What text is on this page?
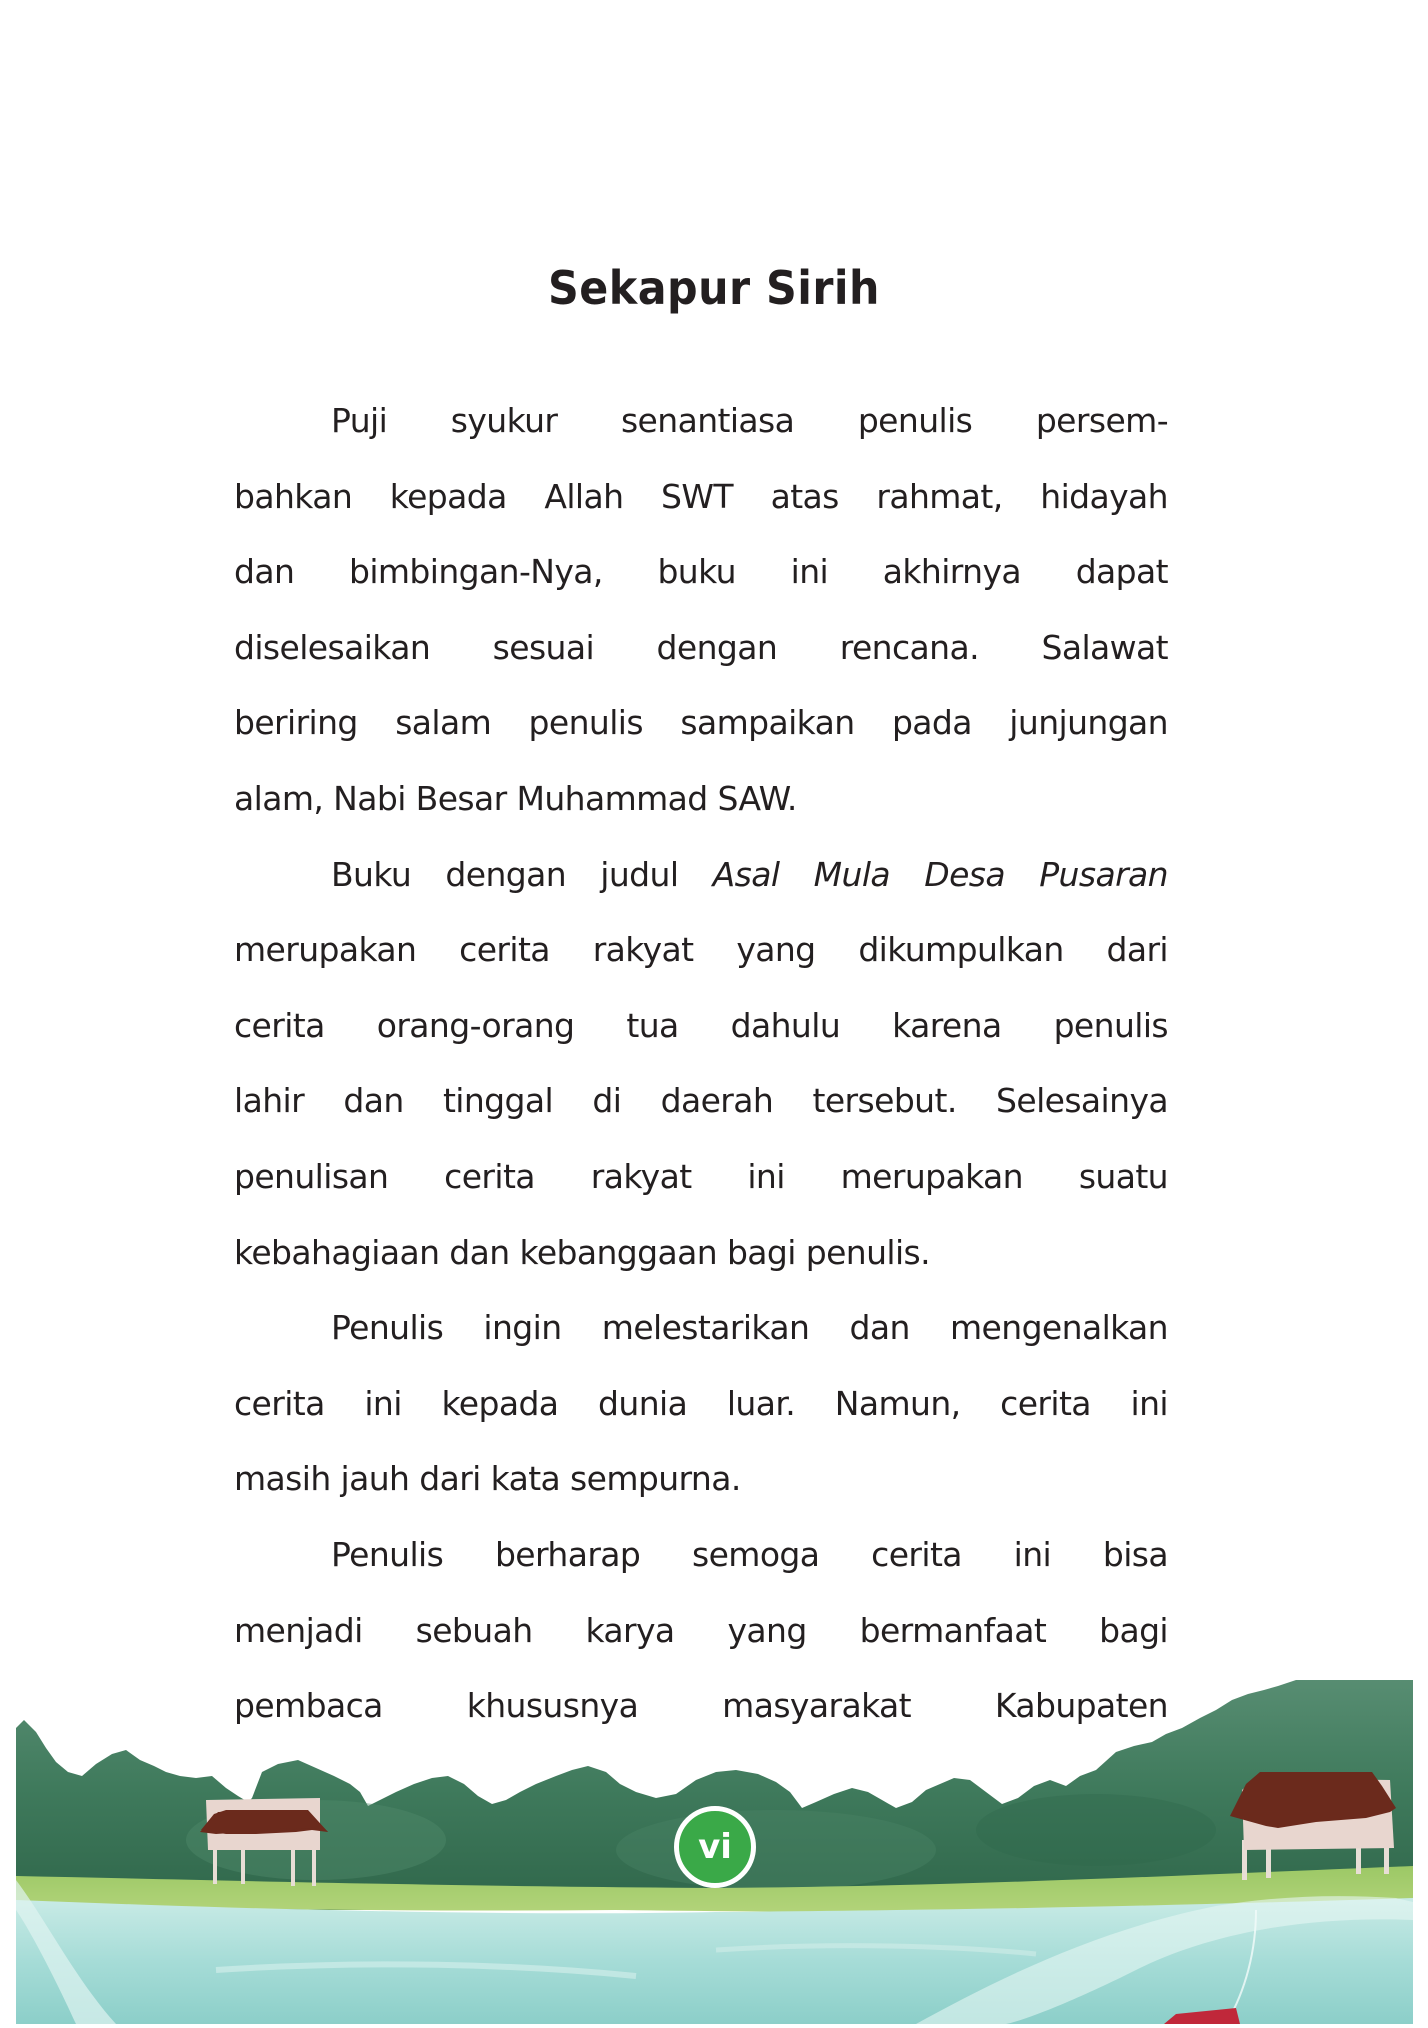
Sekapur Sirih
Puji syukur senantiasa penulis persem-
bahkan kepada Allah SWT atas rahmat, hidayah
dan bimbingan-Nya, buku ini akhirnya dapat
diselesaikan sesuai dengan rencana. Salawat
beriring salam penulis sampaikan pada junjungan
alam, Nabi Besar Muhammad SAW.
Buku dengan judul Asal Mula Desa Pusaran
merupakan cerita rakyat yang dikumpulkan dari
cerita orang-orang tua dahulu karena penulis
lahir dan tinggal di daerah tersebut. Selesainya
penulisan cerita rakyat ini merupakan suatu
kebahagiaan dan kebanggaan bagi penulis.
Penulis ingin melestarikan dan mengenalkan
cerita ini kepada dunia luar. Namun, cerita ini
masih jauh dari kata sempurna.
Penulis berharap semoga cerita ini bisa
menjadi sebuah karya yang bermanfaat bagi
pembaca khususnya masyarakat Kabupaten
vi
